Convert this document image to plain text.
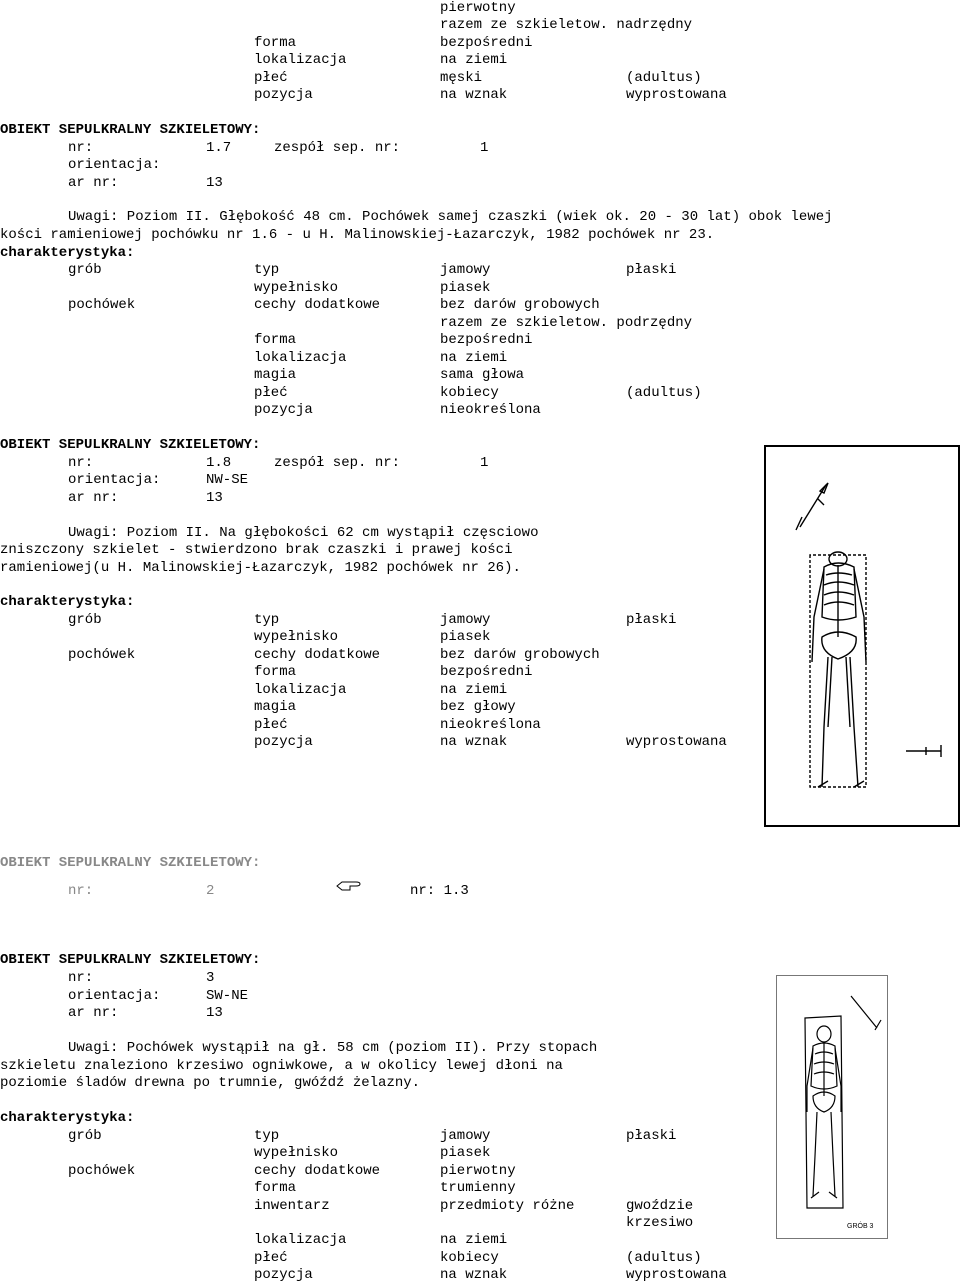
pierwotny
razem ze szkieletow. nadrzędny
forma	bezpośredni
lokalizacja	na ziemi
płeć	męski	(adultus)
pozycja	na wznak	wyprostowana
OBIEKT SEPULKRALNY SZKIELETOWY:
nr:	1.7	zespół sep. nr:	1
orientacja:
ar nr:	13
Uwagi: Poziom II. Głębokość 48 cm. Pochówek samej czaszki (wiek ok. 20 - 30 lat) obok lewej
kości ramieniowej pochówku nr 1.6 - u H. Malinowskiej-Łazarczyk, 1982 pochówek nr 23.
charakterystyka:
grób	typ	jamowy	płaski
wypełnisko	piasek
pochówek	cechy dodatkowe	bez darów grobowych
razem ze szkieletow. podrzędny
forma	bezpośredni
lokalizacja	na ziemi
magia	sama głowa
płeć	kobiecy	(adultus)
pozycja	nieokreślona
OBIEKT SEPULKRALNY SZKIELETOWY:
nr:	1.8	zespół sep. nr:	1
orientacja:	NW-SE
ar nr:	13
Uwagi: Poziom II. Na głębokości 62 cm wystąpił częsciowo
zniszczony szkielet - stwierdzono brak czaszki i prawej kości
ramieniowej(u H. Malinowskiej-Łazarczyk, 1982 pochówek nr 26).
charakterystyka:
grób	typ	jamowy	płaski
wypełnisko	piasek
pochówek	cechy dodatkowe	bez darów grobowych
forma	bezpośredni
lokalizacja	na ziemi
magia	bez głowy
płeć	nieokreślona
pozycja	na wznak	wyprostowana
OBIEKT SEPULKRALNY SZKIELETOWY:
nr:	2	nr: 1.3
OBIEKT SEPULKRALNY SZKIELETOWY:
nr:	3
orientacja:	SW-NE
ar nr:	13
Uwagi: Pochówek wystąpił na gł. 58 cm (poziom II). Przy stopach
szkieletu znaleziono krzesiwo ogniwkowe, a w okolicy lewej dłoni na
poziomie śladów drewna po trumnie, gwóźdź żelazny.
charakterystyka:
grób	typ	jamowy	płaski
wypełnisko	piasek
pochówek	cechy dodatkowe	pierwotny
forma	trumienny
inwentarz	przedmioty różne	gwoździe
krzesiwo
lokalizacja	na ziemi
płeć	kobiecy	(adultus)
pozycja	na wznak	wyprostowana
GRÓB 3
